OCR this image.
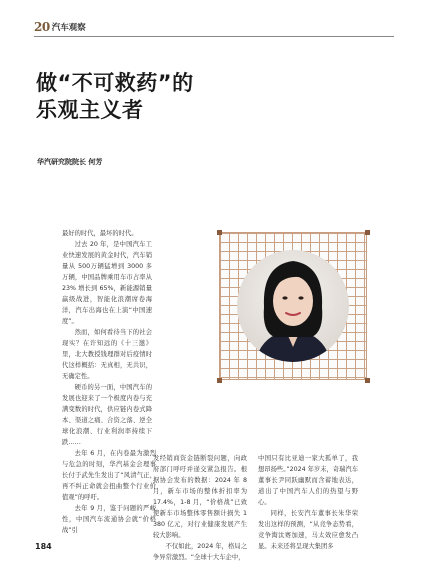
20 汽车观察
做“不可救药”的
乐观主义者
华汽研究院院长 何芳

最好的时代，最坏的时代。

过去 20 年，是中国汽车工业快速发展的黄金时代，汽车销量从 500万辆猛增到 3000 多万辆，中国品牌乘用车市占率从 23% 增长到 65%，新能源销量赢级战进，智能化浪潮席卷海洋，汽车出海也在上演“中国速度”。

然而，如何看待当下的社会现实？在许知远的《十三邀》里，北大教授钱理群对后疫情时代这样概括：无真相，无共识，无确定性。

硬币的另一面，中国汽车的发展也迎来了一个极度内卷与充满变数的时代，供应链内卷式降本、渠道之痛、合资之落、逆全球化浪潮、行业利润率持续下跌……

去年 6 月，在内卷最为激烈与危急的时刻，华汽基金会理事长付于武先生发出了“风清气正，再不纠正命就会扭曲整个行业价值观”的呼吁。

去年 9 月，鉴于问题的严峻性，中国汽车流通协会就“价格战”引

发经销商资金链断裂问题，向政府部门呼吁并递交紧急报告。根据协会发布的数据：2024 年 8 月，新车市场的整体折扣率为 17.4%，1-8 月，“价格战”已致使新车市场整体零售额计损失 1 380 亿元，对行业健康发展产生较大影响。

不仅如此，2024 年，格局之争异常激烈。“全球十大车企中，

中国只有比亚迪一家大孤单了，我想昂扬些。”2024 年岁末，奇瑞汽车董事长尹同跃幽默而含蓄地表达，道出了中国汽车人们的热望与野心。

同样，长安汽车董事长朱华荣发出这样的预测，“从竞争态势看，竞争淘汰赛加速，马太效应愈发凸显。未来还将呈现大集团多

184
